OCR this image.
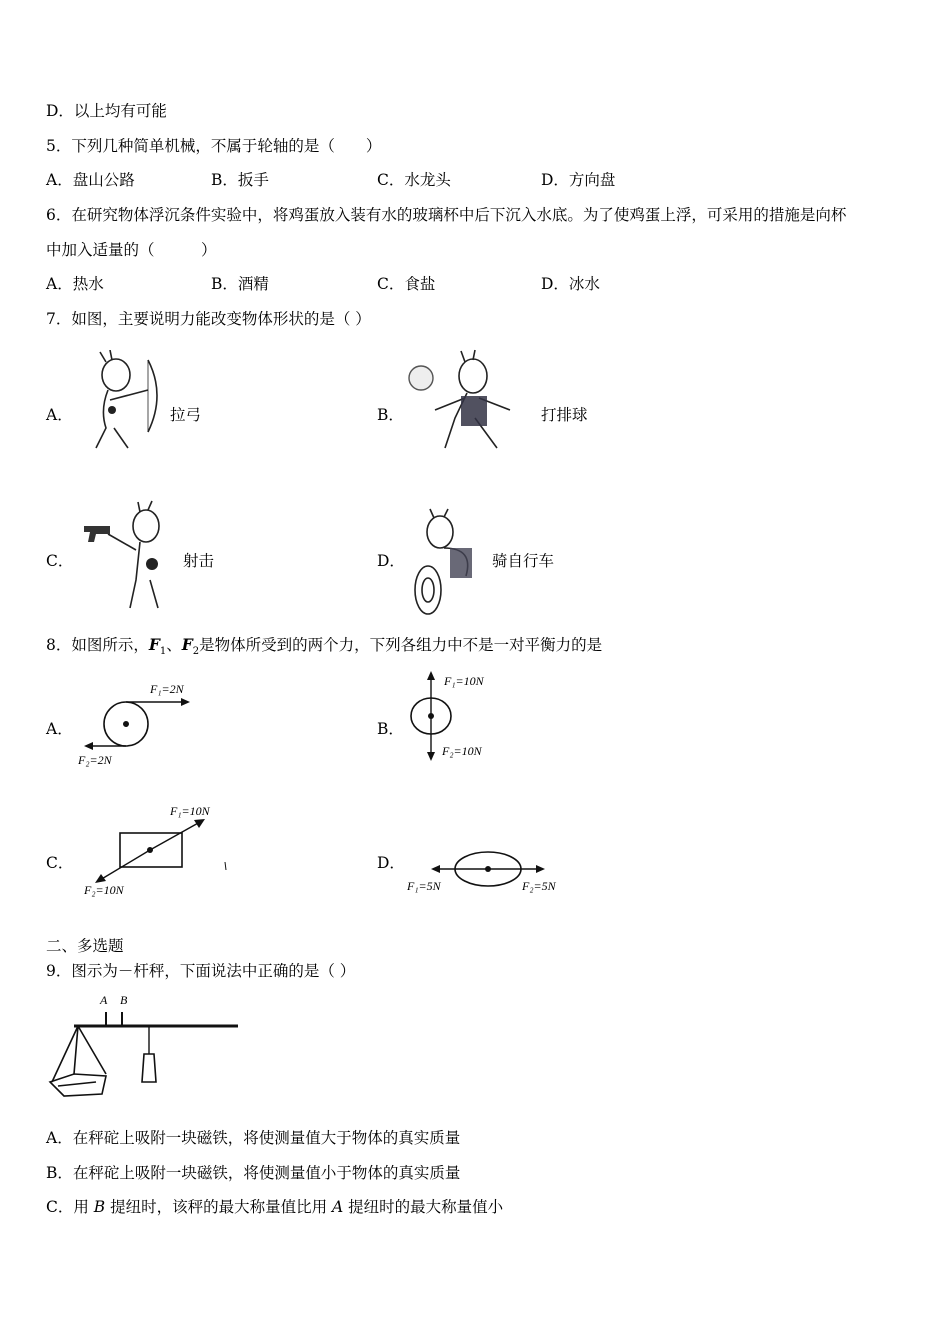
D．以上均有可能
5．下列几种简单机械，不属于轮轴的是（　　）
A．盘山公路	B．扳手	C．水龙头	D．方向盘
6．在研究物体浮沉条件实验中，将鸡蛋放入装有水的玻璃杯中后下沉入水底。为了使鸡蛋上浮，可采用的措施是向杯
中加入适量的（　　　）
A．热水	B．酒精	C．食盐	D．冰水
7．如图，主要说明力能改变物体形状的是（ ）
A．	拉弓	B．	打排球
C．	射击	D．	骑自行车
8．如图所示，$F_1$、$F_2$是物体所受到的两个力，下列各组力中不是一对平衡力的是
A．
F₁=2N
F₂=2N
B．
F₁=10N
F₂=10N
C．
F₁=10N
F₂=10N
D．
F₁=5N	F₂=5N
二、多选题
9．图示为－杆秤，下面说法中正确的是（ ）
A B
A．在秤砣上吸附一块磁铁，将使测量值大于物体的真实质量
B．在秤砣上吸附一块磁铁，将使测量值小于物体的真实质量
C．用 B 提纽时，该秤的最大称量值比用 A 提纽时的最大称量值小
